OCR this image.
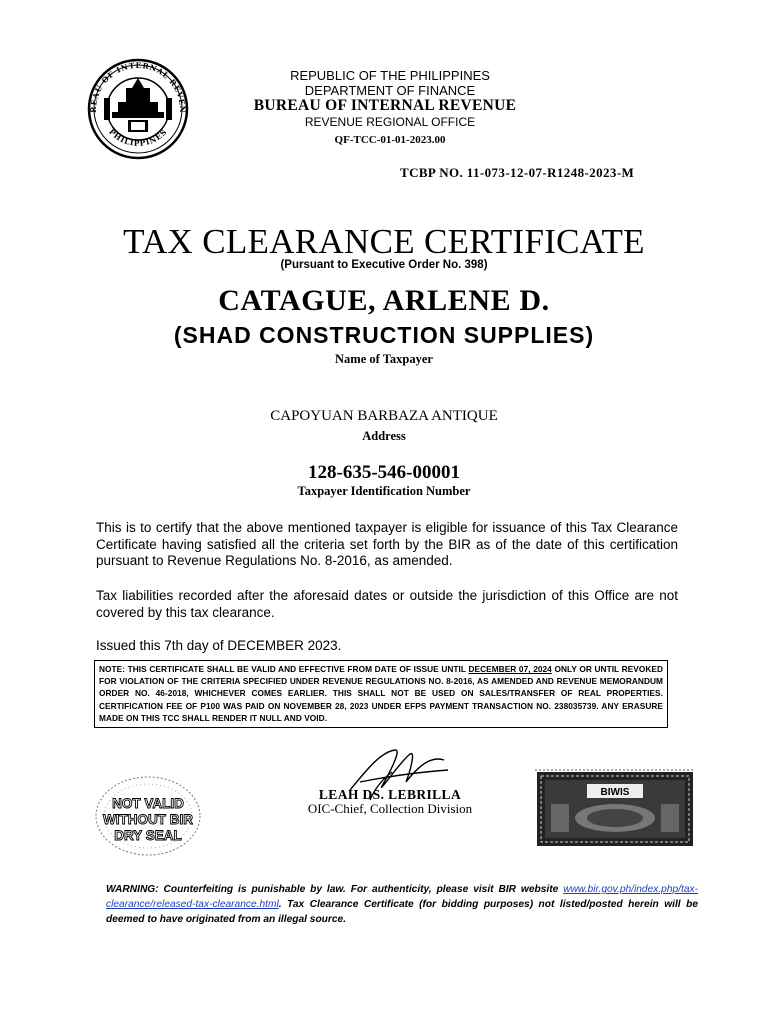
REAU OF INTERNAL REVEN
PHILIPPINES
REPUBLIC OF THE PHILIPPINES
DEPARTMENT OF FINANCE
BUREAU OF INTERNAL REVENUE
REVENUE REGIONAL OFFICE
QF-TCC-01-01-2023.00
TCBP NO. 11-073-12-07-R1248-2023-M
TAX CLEARANCE CERTIFICATE
(Pursuant to Executive Order No. 398)
CATAGUE, ARLENE D.
(SHAD CONSTRUCTION SUPPLIES)
Name of Taxpayer
CAPOYUAN BARBAZA ANTIQUE
Address
128-635-546-00001
Taxpayer Identification Number
This is to certify that the above mentioned taxpayer is eligible for issuance of this Tax Clearance Certificate having satisfied all the criteria set forth by the BIR as of the date of this certification pursuant to Revenue Regulations No. 8-2016, as amended.
Tax liabilities recorded after the aforesaid dates or outside the jurisdiction of this Office are not covered by this tax clearance.
Issued this 7th day of DECEMBER 2023.
NOTE: THIS CERTIFICATE SHALL BE VALID AND EFFECTIVE FROM DATE OF ISSUE UNTIL DECEMBER 07, 2024 ONLY OR UNTIL REVOKED FOR VIOLATION OF THE CRITERIA SPECIFIED UNDER REVENUE REGULATIONS NO. 8-2016, AS AMENDED AND REVENUE MEMORANDUM ORDER NO. 46-2018, WHICHEVER COMES EARLIER. THIS SHALL NOT BE USED ON SALES/TRANSFER OF REAL PROPERTIES. CERTIFICATION FEE OF P100 WAS PAID ON NOVEMBER 28, 2023 UNDER EFPS PAYMENT TRANSACTION NO. 238035739. ANY ERASURE MADE ON THIS TCC SHALL RENDER IT NULL AND VOID.
NOT VALID
WITHOUT BIR
DRY SEAL
LEAH DS. LEBRILLA
OIC-Chief, Collection Division
BIWIS
WARNING: Counterfeiting is punishable by law. For authenticity, please visit BIR website www.bir.gov.ph/index.php/tax-clearance/released-tax-clearance.html. Tax Clearance Certificate (for bidding purposes) not listed/posted herein will be deemed to have originated from an illegal source.
